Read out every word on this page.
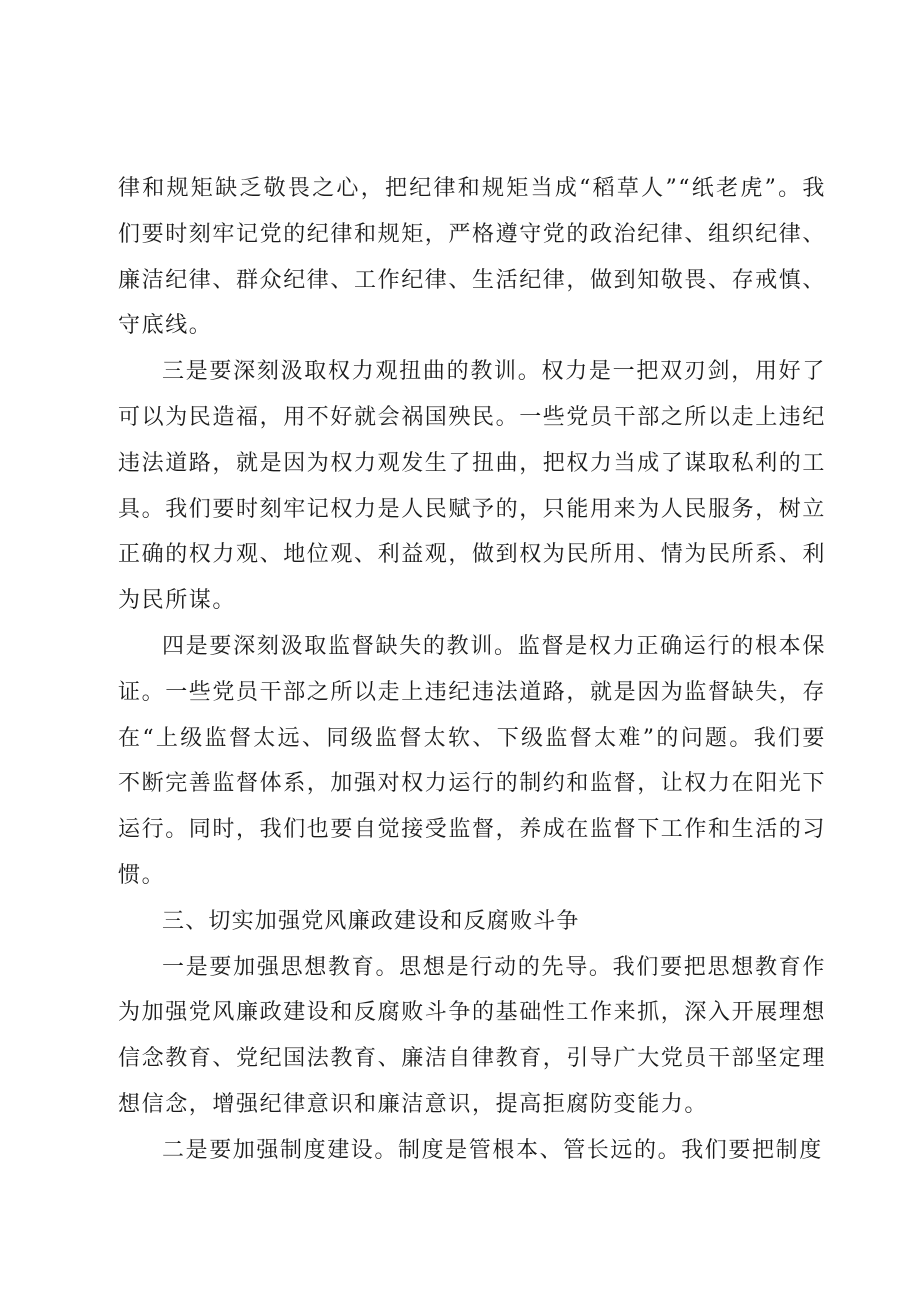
律和规矩缺乏敬畏之心，把纪律和规矩当成“稻草人”“纸老虎”。我们要时刻牢记党的纪律和规矩，严格遵守党的政治纪律、组织纪律、廉洁纪律、群众纪律、工作纪律、生活纪律，做到知敬畏、存戒慎、守底线。

三是要深刻汲取权力观扭曲的教训。权力是一把双刃剑，用好了可以为民造福，用不好就会祸国殃民。一些党员干部之所以走上违纪违法道路，就是因为权力观发生了扭曲，把权力当成了谋取私利的工具。我们要时刻牢记权力是人民赋予的，只能用来为人民服务，树立正确的权力观、地位观、利益观，做到权为民所用、情为民所系、利为民所谋。

四是要深刻汲取监督缺失的教训。监督是权力正确运行的根本保证。一些党员干部之所以走上违纪违法道路，就是因为监督缺失，存在“上级监督太远、同级监督太软、下级监督太难”的问题。我们要不断完善监督体系，加强对权力运行的制约和监督，让权力在阳光下运行。同时，我们也要自觉接受监督，养成在监督下工作和生活的习惯。

三、切实加强党风廉政建设和反腐败斗争

一是要加强思想教育。思想是行动的先导。我们要把思想教育作为加强党风廉政建设和反腐败斗争的基础性工作来抓，深入开展理想信念教育、党纪国法教育、廉洁自律教育，引导广大党员干部坚定理想信念，增强纪律意识和廉洁意识，提高拒腐防变能力。

二是要加强制度建设。制度是管根本、管长远的。我们要把制度
